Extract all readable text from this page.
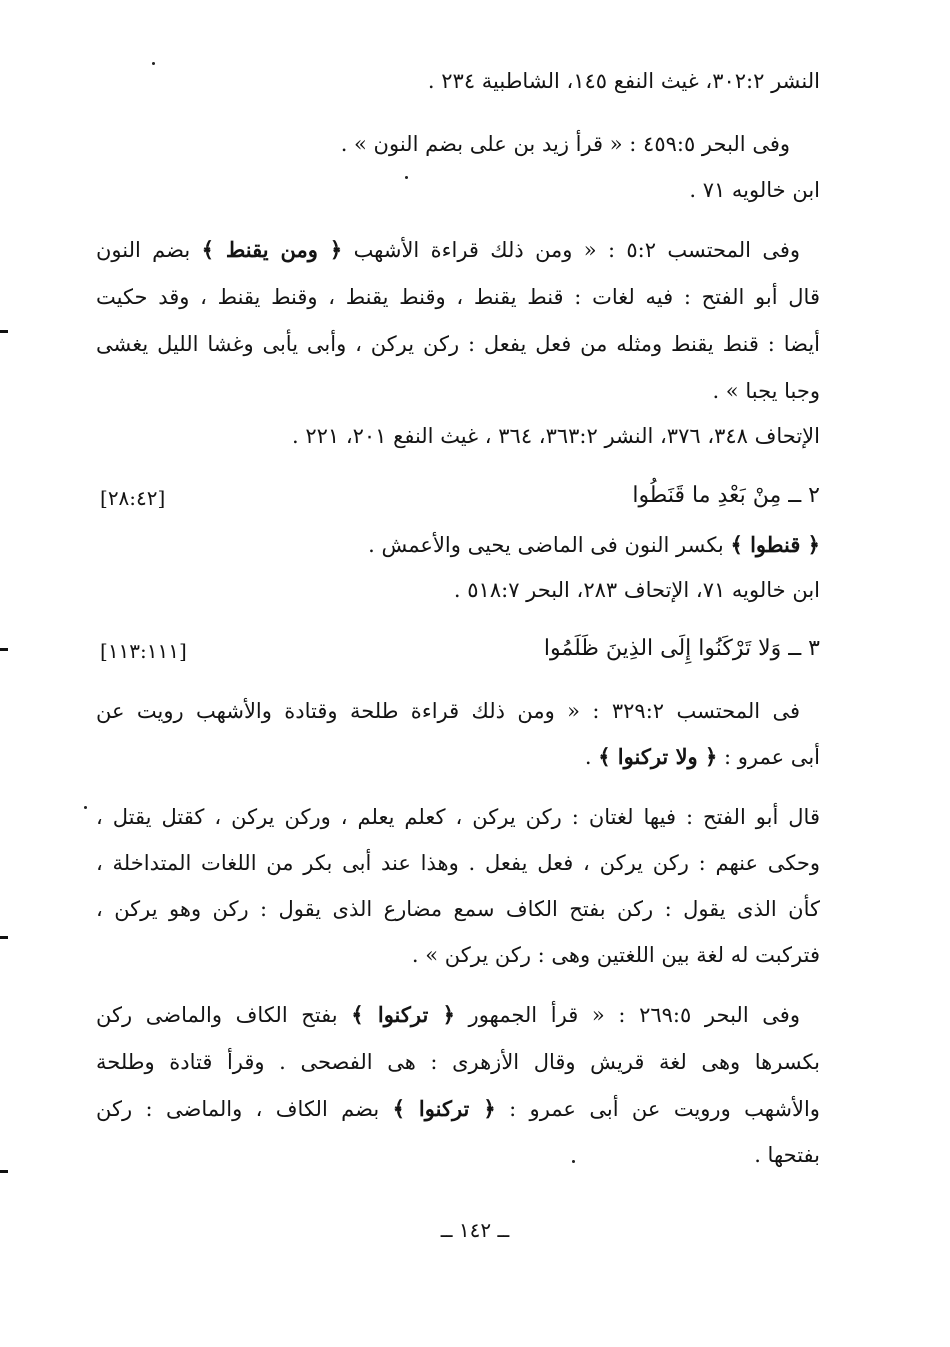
النشر ٣٠٢:٢، غيث النفع ١٤٥، الشاطبية ٢٣٤ .
وفى البحر ٤٥٩:٥ : « قرأ زيد بن على بضم النون » .
ابن خالويه ٧١ .
وفى المحتسب ٥:٢ : « ومن ذلك قراءة الأشهب ﴿ ومن يقنط ﴾ بضم النون
قال أبو الفتح : فيه لغات : قنط يقنط ، وقنط يقنط ، وقنط يقنط ، وقد حكيت
أيضا : قنط يقنط ومثله من فعل يفعل : ركن يركن ، وأبى يأبى وغشا الليل يغشى
وجبا يجبا » .
الإتحاف ٣٤٨، ٣٧٦، النشر ٣٦٣:٢، ٣٦٤ ، غيث النفع ٢٠١، ٢٢١ .
٢ ــ مِنْ بَعْدِ ما قَنَطُوا
[٢٨:٤٢]
﴿ قنطوا ﴾ بكسر النون فى الماضى يحيى والأعمش .
ابن خالويه ٧١، الإتحاف ٢٨٣، البحر ٥١٨:٧ .
٣ ــ وَلا تَرْكَنُوا إِلَى الذِينَ ظَلَمُوا
[١١٣:١١١]
فى المحتسب ٣٢٩:٢ : « ومن ذلك قراءة طلحة وقتادة والأشهب رويت عن
أبى عمرو : ﴿ ولا تركنوا ﴾ .
قال أبو الفتح : فيها لغتان : ركن يركن ، كعلم يعلم ، وركن يركن ، كقتل يقتل ،
وحكى عنهم : ركن يركن ، فعل يفعل . وهذا عند أبى بكر من اللغات المتداخلة ،
كأن الذى يقول : ركن بفتح الكاف سمع مضارع الذى يقول : ركن وهو يركن ،
فتركبت له لغة بين اللغتين وهى : ركن يركن » .
وفى البحر ٢٦٩:٥ : « قرأ الجمهور ﴿ تركنوا ﴾ بفتح الكاف والماضى ركن
بكسرها وهى لغة قريش وقال الأزهرى : هى الفصحى . وقرأ قتادة وطلحة
والأشهب ورويت عن أبى عمرو : ﴿ تركنوا ﴾ بضم الكاف ، والماضى : ركن
بفتحها .
ــ ١٤٢ ــ
